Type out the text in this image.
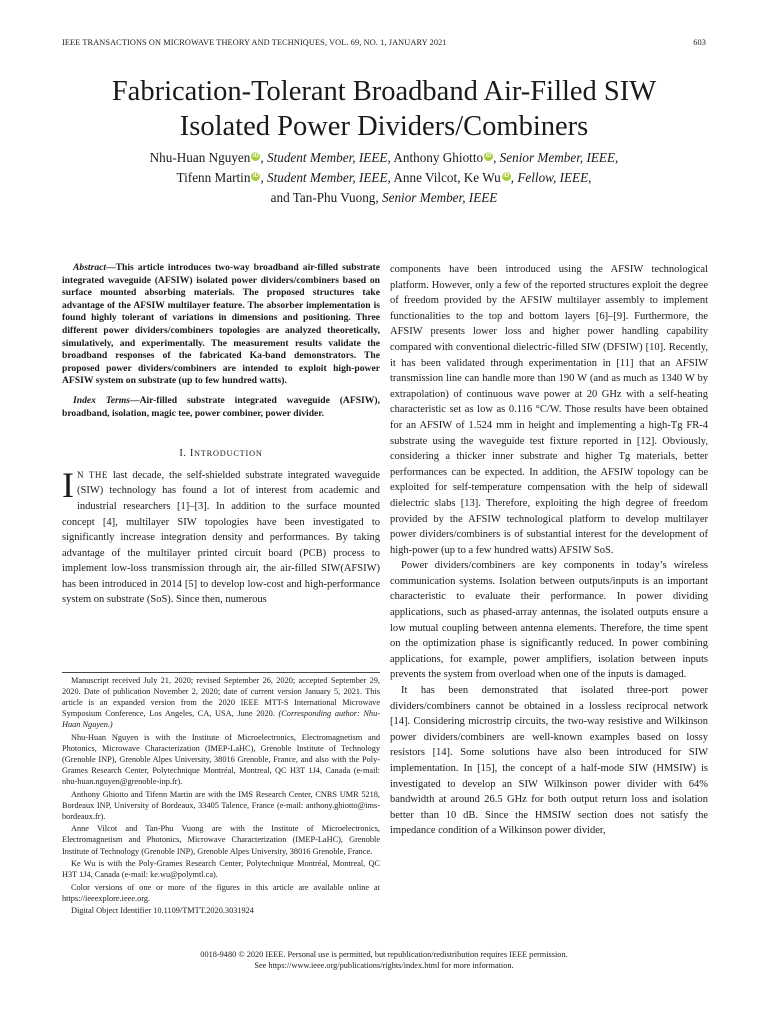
IEEE TRANSACTIONS ON MICROWAVE THEORY AND TECHNIQUES, VOL. 69, NO. 1, JANUARY 2021	603
Fabrication-Tolerant Broadband Air-Filled SIW
Isolated Power Dividers/Combiners
Nhu-Huan Nguyen iD , Student Member, IEEE, Anthony Ghiotto iD , Senior Member, IEEE,
Tifenn Martin iD , Student Member, IEEE, Anne Vilcot, Ke Wu iD , Fellow, IEEE,
and Tan-Phu Vuong, Senior Member, IEEE

Abstract—This article introduces two-way broadband air-filled substrate integrated waveguide (AFSIW) isolated power dividers/combiners based on surface mounted absorbing materials. The proposed structures take advantage of the AFSIW multilayer feature. The absorber implementation is found highly tolerant of variations in dimensions and positioning. Three different power dividers/combiners topologies are analyzed theoretically, simulatively, and experimentally. The measurement results validate the broadband responses of the fabricated Ka-band demonstrators. The proposed power dividers/combiners are intended to exploit high-power AFSIW system on substrate (up to few hundred watts).

Index Terms—Air-filled substrate integrated waveguide (AFSIW), broadband, isolation, magic tee, power combiner, power divider.

I. INTRODUCTION

I N THE last decade, the self-shielded substrate integrated waveguide (SIW) technology has found a lot of interest from academic and industrial researchers [1]–[3]. In addition to the surface mounted concept [4], multilayer SIW topologies have been investigated to significantly increase integration density and performances. By taking advantage of the multilayer printed circuit board (PCB) process to implement low-loss transmission through air, the air-filled SIW(AFSIW) has been introduced in 2014 [5] to develop low-cost and high-performance system on substrate (SoS). Since then, numerous

Manuscript received July 21, 2020; revised September 26, 2020; accepted September 29, 2020. Date of publication November 2, 2020; date of current version January 5, 2021. This article is an expanded version from the 2020 IEEE MTT-S International Microwave Symposium Conference, Los Angeles, CA, USA, June 2020. (Corresponding author: Nhu-Huan Nguyen.)

Nhu-Huan Nguyen is with the Institute of Microelectronics, Electromagnetism and Photonics, Microwave Characterization (IMEP-LaHC), Grenoble Institute of Technology (Grenoble INP), Grenoble Alpes University, 38016 Grenoble, France, and also with the Poly-Grames Research Center, Polytechnique Montréal, Montreal, QC H3T 1J4, Canada (e-mail: nhu-huan.nguyen@grenoble-inp.fr).

Anthony Ghiotto and Tifenn Martin are with the IMS Research Center, CNRS UMR 5218, Bordeaux INP, University of Bordeaux, 33405 Talence, France (e-mail: anthony.ghiotto@ims-bordeaux.fr).

Anne Vilcot and Tan-Phu Vuong are with the Institute of Microelectronics, Electromagnetism and Photonics, Microwave Characterization (IMEP-LaHC), Grenoble Institute of Technology (Grenoble INP), Grenoble Alpes University, 38016 Grenoble, France.

Ke Wu is with the Poly-Grames Research Center, Polytechnique Montréal, Montreal, QC H3T 1J4, Canada (e-mail: ke.wu@polymtl.ca).

Color versions of one or more of the figures in this article are available online at https://ieeexplore.ieee.org.

Digital Object Identifier 10.1109/TMTT.2020.3031924

components have been introduced using the AFSIW technological platform. However, only a few of the reported structures exploit the degree of freedom provided by the AFSIW multilayer assembly to implement functionalities to the top and bottom layers [6]–[9]. Furthermore, the AFSIW presents lower loss and higher power handling capability compared with conventional dielectric-filled SIW (DFSIW) [10]. Recently, it has been validated through experimentation in [11] that an AFSIW transmission line can handle more than 190 W (and as much as 1340 W by extrapolation) of continuous wave power at 20 GHz with a self-heating characteristic set as low as 0.116 °C/W. Those results have been obtained for an AFSIW of 1.524 mm in height and implementing a high-Tg FR-4 substrate using the waveguide test fixture reported in [12]. Obviously, considering a thicker inner substrate and higher Tg materials, better performances can be expected. In addition, the AFSIW topology can be exploited for self-temperature compensation with the help of sidewall dielectric slabs [13]. Therefore, exploiting the high degree of freedom provided by the AFSIW technological platform to develop multilayer power dividers/combiners is of substantial interest for the development of high-power (up to a few hundred watts) AFSIW SoS.

Power dividers/combiners are key components in today’s wireless communication systems. Isolation between outputs/inputs is an important characteristic to evaluate their performance. In power dividing applications, such as phased-array antennas, the isolated outputs ensure a low mutual coupling between antenna elements. Therefore, the time spent on the optimization phase is significantly reduced. In power combining applications, for example, power amplifiers, isolation between inputs prevents the system from overload when one of the inputs is damaged.

It has been demonstrated that isolated three-port power dividers/combiners cannot be obtained in a lossless reciprocal network [14]. Considering microstrip circuits, the two-way resistive and Wilkinson power dividers/combiners are well-known examples based on lossy resistors [14]. Some solutions have also been introduced for SIW implementation. In [15], the concept of a half-mode SIW (HMSIW) is investigated to develop an SIW Wilkinson power divider with 64% bandwidth at around 26.5 GHz for both output return loss and isolation better than 10 dB. Since the HMSIW section does not satisfy the impedance condition of a Wilkinson power divider,

0018-9480 © 2020 IEEE. Personal use is permitted, but republication/redistribution requires IEEE permission.
See https://www.ieee.org/publications/rights/index.html for more information.
